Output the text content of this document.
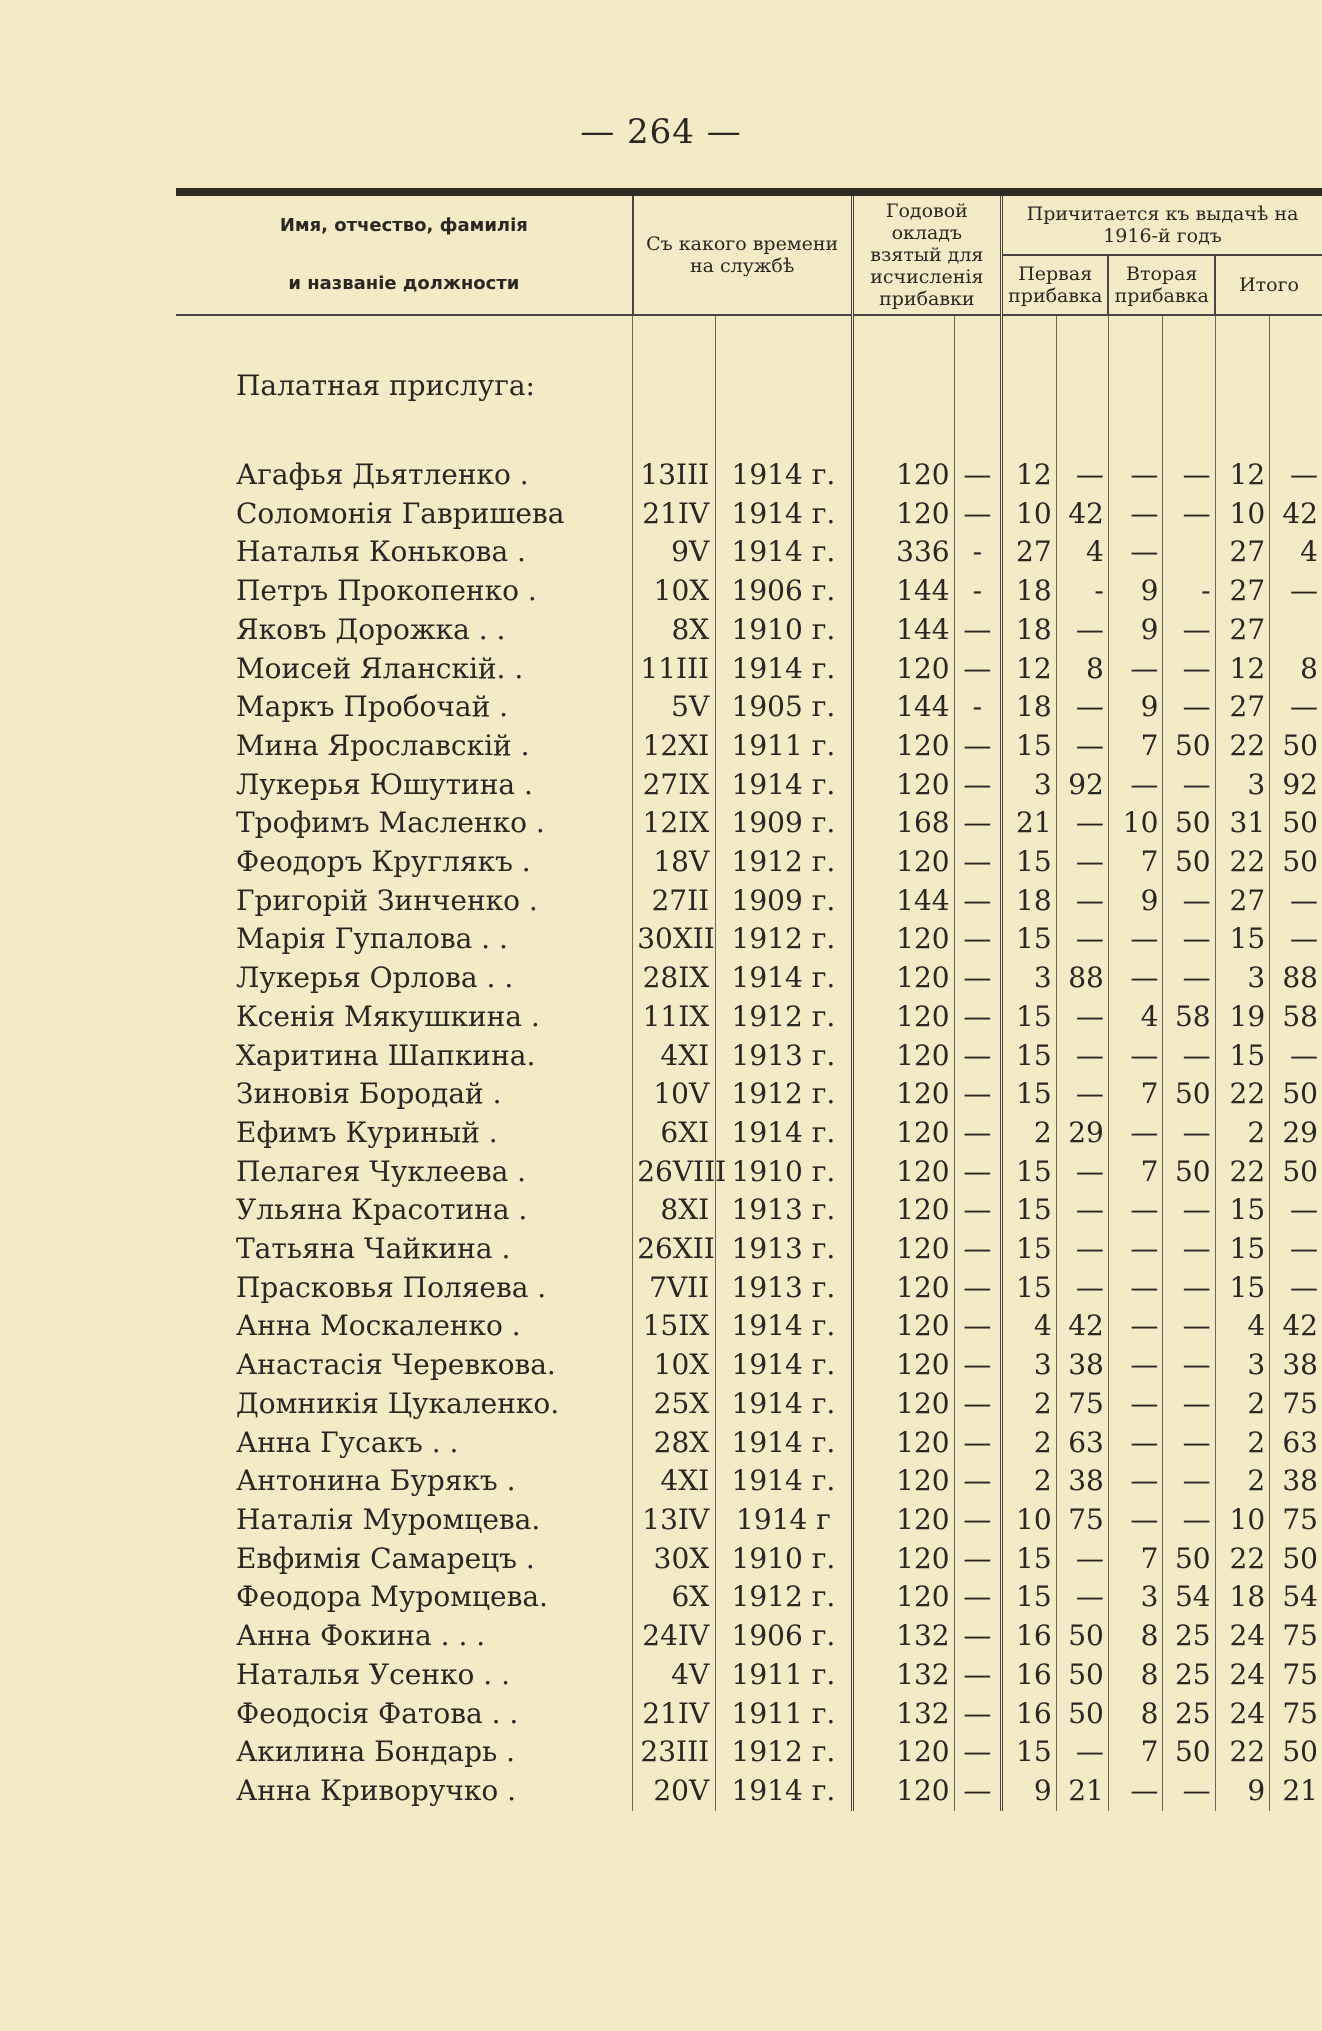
— 264 —
Имя, отчество, фамилія
и названіе должности	Съ какого времени на службѣ		Годовой окладъ взятый для исчисленія прибавки		Причитается къ выдачѣ на 1916-й годъ					
					Первая прибавка		Вторая прибавка		Итого	
Палатная прислуга:										
Агафья Дьятленко .	13III	1914 г.	120	—	12	—	—	—	12	—
Соломонія Гавришева	21IV	1914 г.	120	—	10	42	—	—	10	42
Наталья Конькова .	9V	1914 г.	336	-	27	4	—		27	4
Петръ Прокопенко .	10X	1906 г.	144	-	18	-	9	-	27	—
Яковъ Дорожка . .	8X	1910 г.	144	—	18	—	9	—	27	
Моисей Яланскій. .	11III	1914 г.	120	—	12	8	—	—	12	8
Маркъ Пробочай .	5V	1905 г.	144	-	18	—	9	—	27	—
Мина Ярославскій .	12XI	1911 г.	120	—	15	—	7	50	22	50
Лукерья Юшутина .	27IX	1914 г.	120	—	3	92	—	—	3	92
Трофимъ Масленко .	12IX	1909 г.	168	—	21	—	10	50	31	50
Феодоръ Круглякъ .	18V	1912 г.	120	—	15	—	7	50	22	50
Григорій Зинченко .	27II	1909 г.	144	—	18	—	9	—	27	—
Марія Гупалова . .	30XII	1912 г.	120	—	15	—	—	—	15	—
Лукерья Орлова . .	28IX	1914 г.	120	—	3	88	—	—	3	88
Ксенія Мякушкина .	11IX	1912 г.	120	—	15	—	4	58	19	58
Харитина Шапкина.	4XI	1913 г.	120	—	15	—	—	—	15	—
Зиновія Бородай .	10V	1912 г.	120	—	15	—	7	50	22	50
Ефимъ Куриный .	6XI	1914 г.	120	—	2	29	—	—	2	29
Пелагея Чуклеева .	26VIII	1910 г.	120	—	15	—	7	50	22	50
Ульяна Красотина .	8XI	1913 г.	120	—	15	—	—	—	15	—
Татьяна Чайкина .	26XII	1913 г.	120	—	15	—	—	—	15	—
Прасковья Поляева .	7VII	1913 г.	120	—	15	—	—	—	15	—
Анна Москаленко .	15IX	1914 г.	120	—	4	42	—	—	4	42
Анастасія Черевкова.	10X	1914 г.	120	—	3	38	—	—	3	38
Домникія Цукаленко.	25X	1914 г.	120	—	2	75	—	—	2	75
Анна Гусакъ . .	28X	1914 г.	120	—	2	63	—	—	2	63
Антонина Бурякъ .	4XI	1914 г.	120	—	2	38	—	—	2	38
Наталія Муромцева.	13IV	1914 г	120	—	10	75	—	—	10	75
Евфимія Самарецъ .	30X	1910 г.	120	—	15	—	7	50	22	50
Феодора Муромцева.	6X	1912 г.	120	—	15	—	3	54	18	54
Анна Фокина . . .	24IV	1906 г.	132	—	16	50	8	25	24	75
Наталья Усенко . .	4V	1911 г.	132	—	16	50	8	25	24	75
Феодосія Фатова . .	21IV	1911 г.	132	—	16	50	8	25	24	75
Акилина Бондарь .	23III	1912 г.	120	—	15	—	7	50	22	50
Анна Криворучко .	20V	1914 г.	120	—	9	21	—	—	9	21
